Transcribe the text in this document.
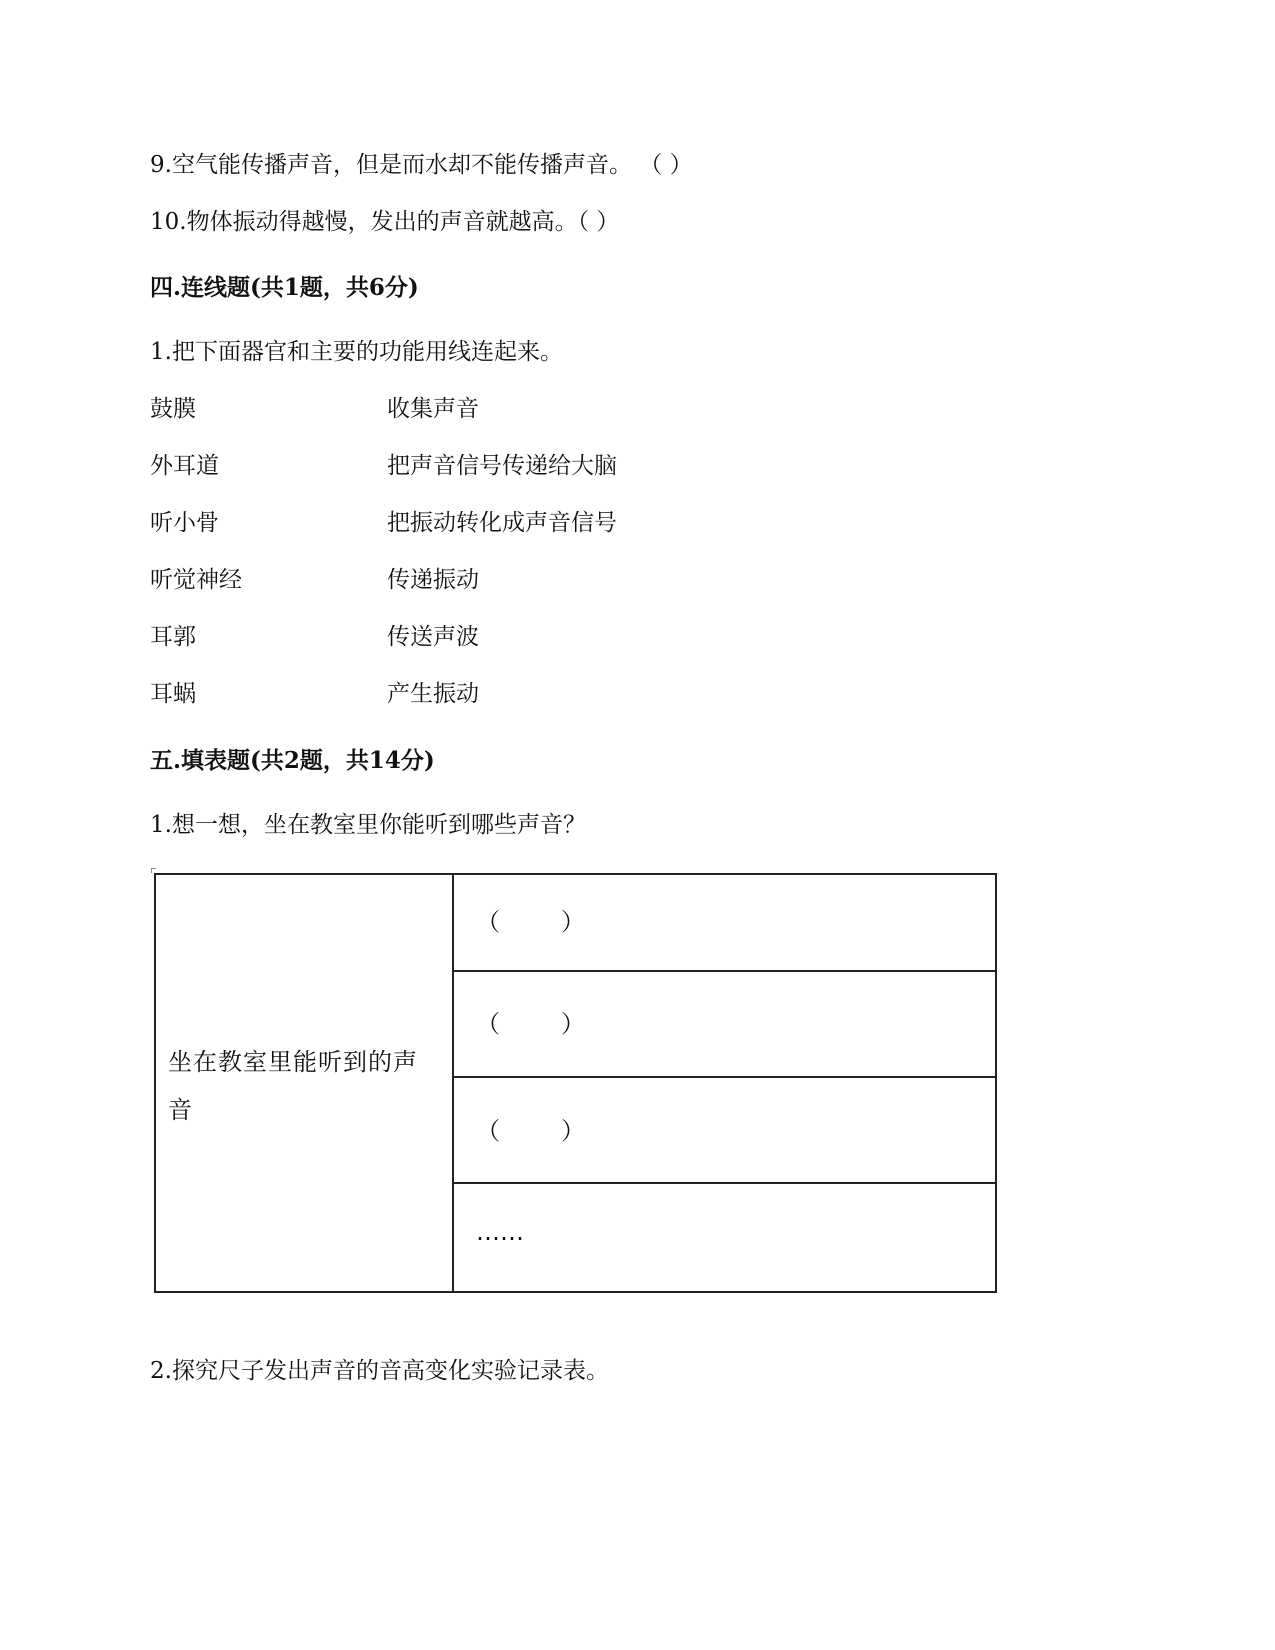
9.空气能传播声音，但是而水却不能传播声音。 （ ）
10.物体振动得越慢，发出的声音就越高。（ ）
四.连线题(共1题，共6分)
1.把下面器官和主要的功能用线连起来。
鼓膜	收集声音
外耳道	把声音信号传递给大脑
听小骨	把振动转化成声音信号
听觉神经	传递振动
耳郭	传送声波
耳蜗	产生振动
五.填表题(共2题，共14分)
1.想一想，坐在教室里你能听到哪些声音？
坐在教室里能听到的声音
（        ）
（        ）
（        ）
……
2.探究尺子发出声音的音高变化实验记录表。
